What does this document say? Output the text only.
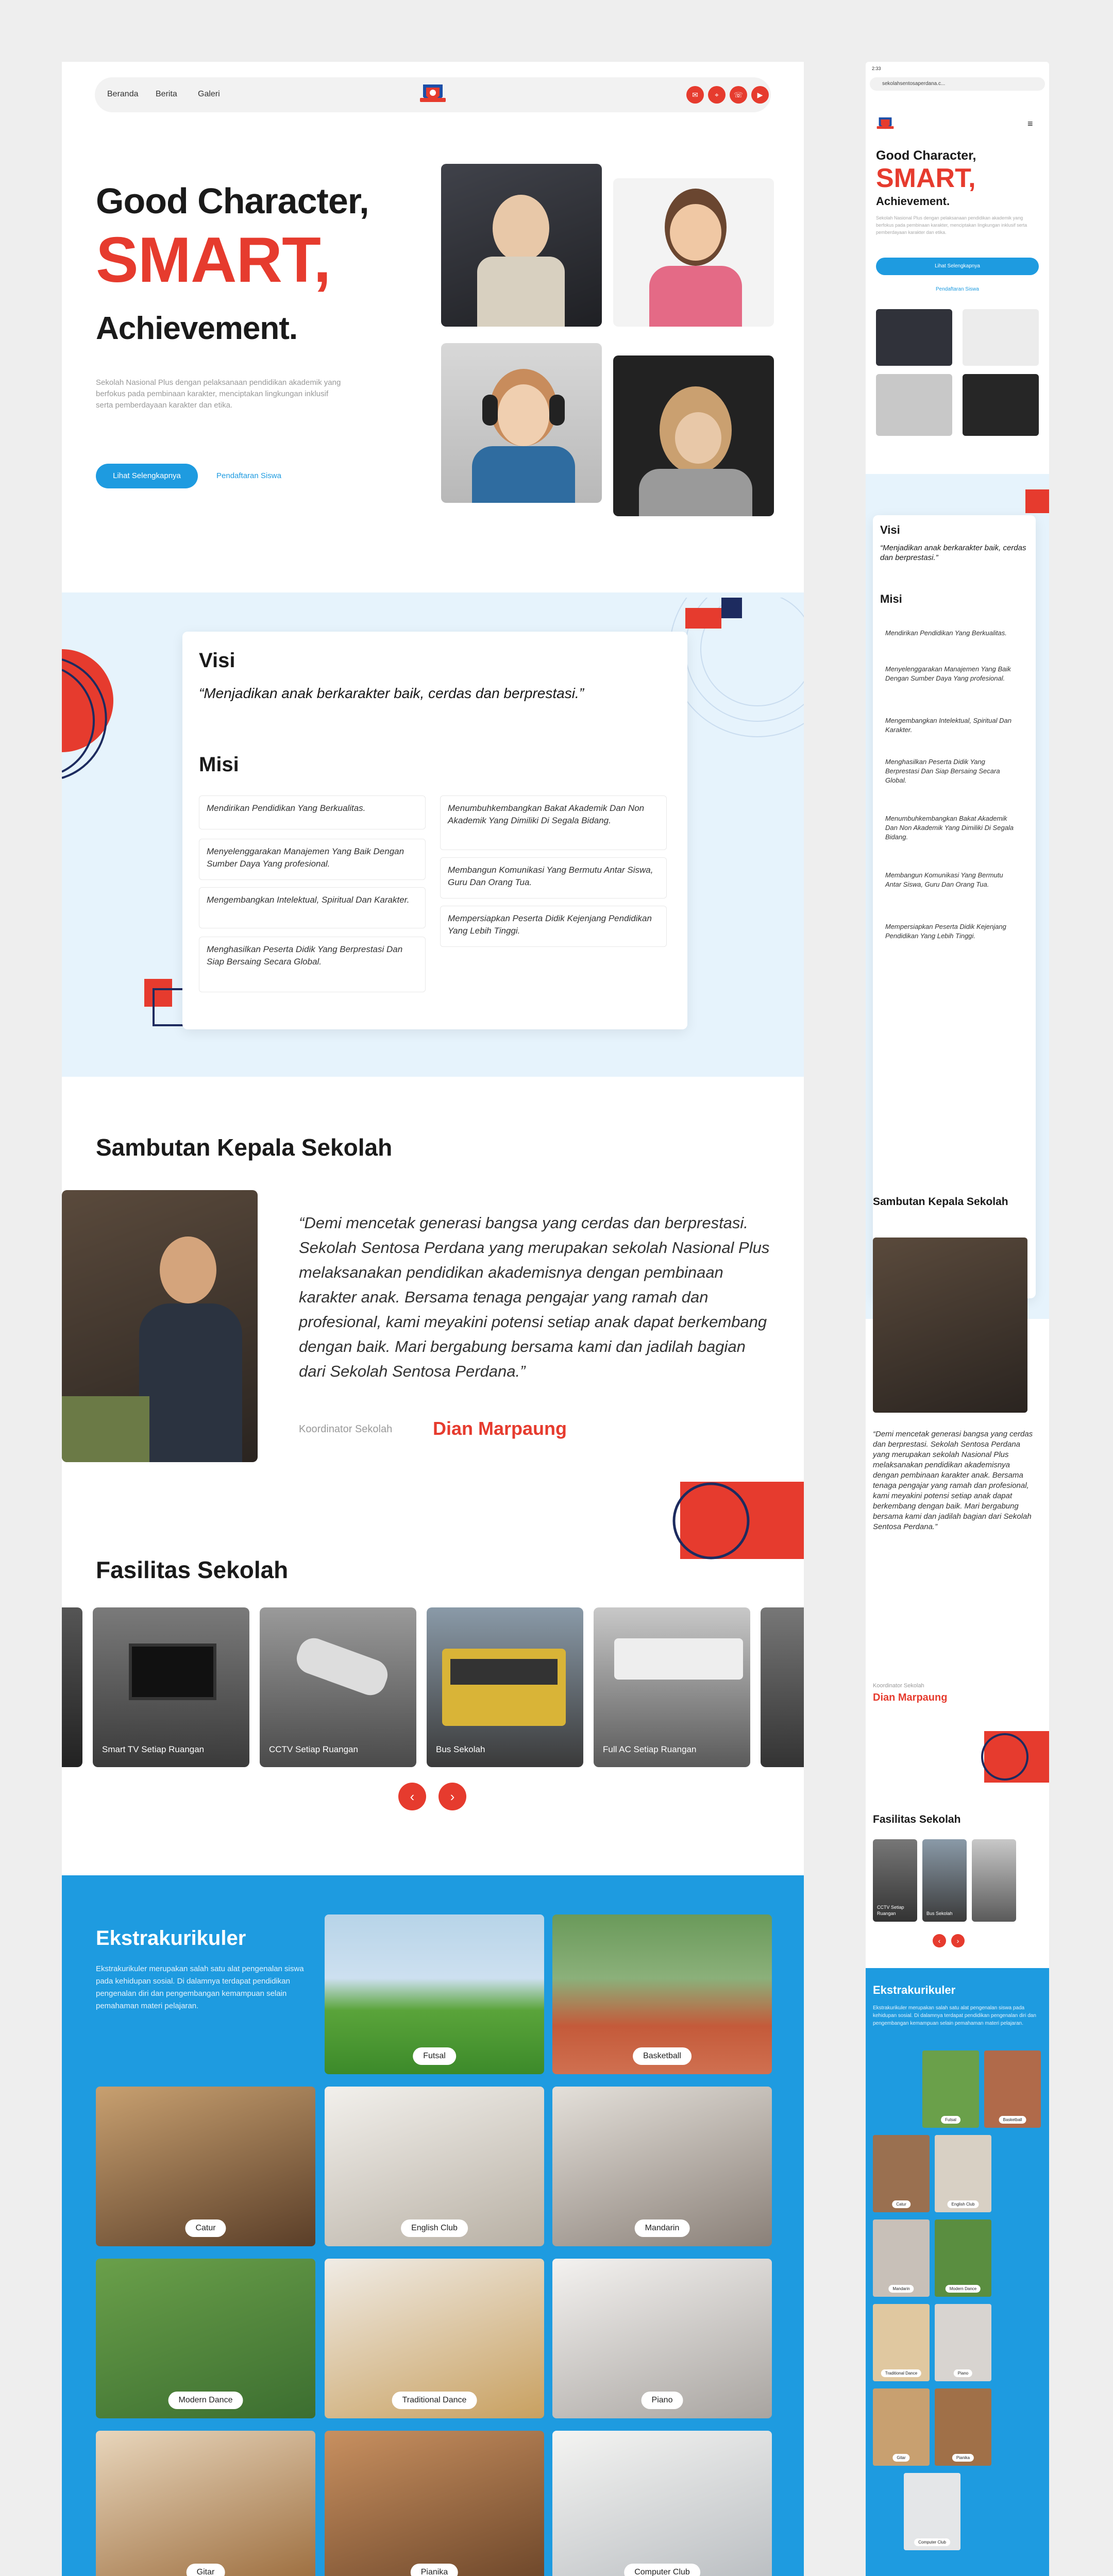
Beranda Berita	Galeri	✉	⌖	☏	▶
Good Character,
SMART,
Achievement.
Sekolah Nasional Plus dengan pelaksanaan pendidikan akademik yang berfokus pada pembinaan karakter, menciptakan lingkungan inklusif serta pemberdayaan karakter dan etika.
Lihat Selengkapnya	Pendaftaran Siswa
Visi
“Menjadikan anak berkarakter baik, cerdas dan berprestasi.”
Misi
Mendirikan Pendidikan Yang Berkualitas.
Menyelenggarakan Manajemen Yang Baik Dengan Sumber Daya Yang profesional.
Mengembangkan Intelektual, Spiritual Dan Karakter.
Menghasilkan Peserta Didik Yang Berprestasi Dan Siap Bersaing Secara Global.
Menumbuhkembangkan Bakat Akademik Dan Non Akademik Yang Dimiliki Di Segala Bidang.
Membangun Komunikasi Yang Bermutu Antar Siswa, Guru Dan Orang Tua.
Mempersiapkan Peserta Didik Kejenjang Pendidikan Yang Lebih Tinggi.
Sambutan Kepala Sekolah
“Demi mencetak generasi bangsa yang cerdas dan berprestasi. Sekolah Sentosa Perdana yang merupakan sekolah Nasional Plus melaksanakan pendidikan akademisnya dengan pembinaan karakter anak. Bersama tenaga pengajar yang ramah dan profesional, kami meyakini potensi setiap anak dapat berkembang dengan baik. Mari bergabung bersama kami dan jadilah bagian dari Sekolah Sentosa Perdana.”
Koordinator Sekolah Dian Marpaung
Fasilitas Sekolah
Smart TV Setiap Ruangan	CCTV Setiap Ruangan	Bus Sekolah	Full AC Setiap Ruangan
‹	›
Ekstrakurikuler
Ekstrakurikuler merupakan salah satu alat pengenalan siswa pada kehidupan sosial. Di dalamnya terdapat pendidikan pengenalan diri dan pengembangan kemampuan selain pemahaman materi pelajaran.
Futsal	Basketball
Catur	English Club	Mandarin
Modern Dance	Traditional Dance	Piano
Gitar	Pianika	Computer Club
2:33
sekolahsentosaperdana.c...
≡
Good Character,
SMART,
Achievement.
Sekolah Nasional Plus dengan pelaksanaan pendidikan akademik yang berfokus pada pembinaan karakter, menciptakan lingkungan inklusif serta pemberdayaan karakter dan etika.
Lihat Selengkapnya
Pendaftaran Siswa
Visi
“Menjadikan anak berkarakter baik, cerdas dan berprestasi.”
Misi
Mendirikan Pendidikan Yang Berkualitas.
Menyelenggarakan Manajemen Yang Baik Dengan Sumber Daya Yang profesional.
Mengembangkan Intelektual, Spiritual Dan Karakter.
Menghasilkan Peserta Didik Yang Berprestasi Dan Siap Bersaing Secara Global.
Menumbuhkembangkan Bakat Akademik Dan Non Akademik Yang Dimiliki Di Segala Bidang.
Membangun Komunikasi Yang Bermutu Antar Siswa, Guru Dan Orang Tua.
Mempersiapkan Peserta Didik Kejenjang Pendidikan Yang Lebih Tinggi.
Sambutan Kepala Sekolah
“Demi mencetak generasi bangsa yang cerdas dan berprestasi. Sekolah Sentosa Perdana yang merupakan sekolah Nasional Plus melaksanakan pendidikan akademisnya dengan pembinaan karakter anak. Bersama tenaga pengajar yang ramah dan profesional, kami meyakini potensi setiap anak dapat berkembang dengan baik. Mari bergabung bersama kami dan jadilah bagian dari Sekolah Sentosa Perdana.”
Koordinator Sekolah
Dian Marpaung
Fasilitas Sekolah
CCTV Setiap Ruangan	Bus Sekolah
‹	›
Ekstrakurikuler
Ekstrakurikuler merupakan salah satu alat pengenalan siswa pada kehidupan sosial. Di dalamnya terdapat pendidikan pengenalan diri dan pengembangan kemampuan selain pemahaman materi pelajaran.
Futsal	Basketball
Catur	English Club
Mandarin	Modern Dance
Traditional Dance	Piano
Gitar	Pianika
Computer Club
